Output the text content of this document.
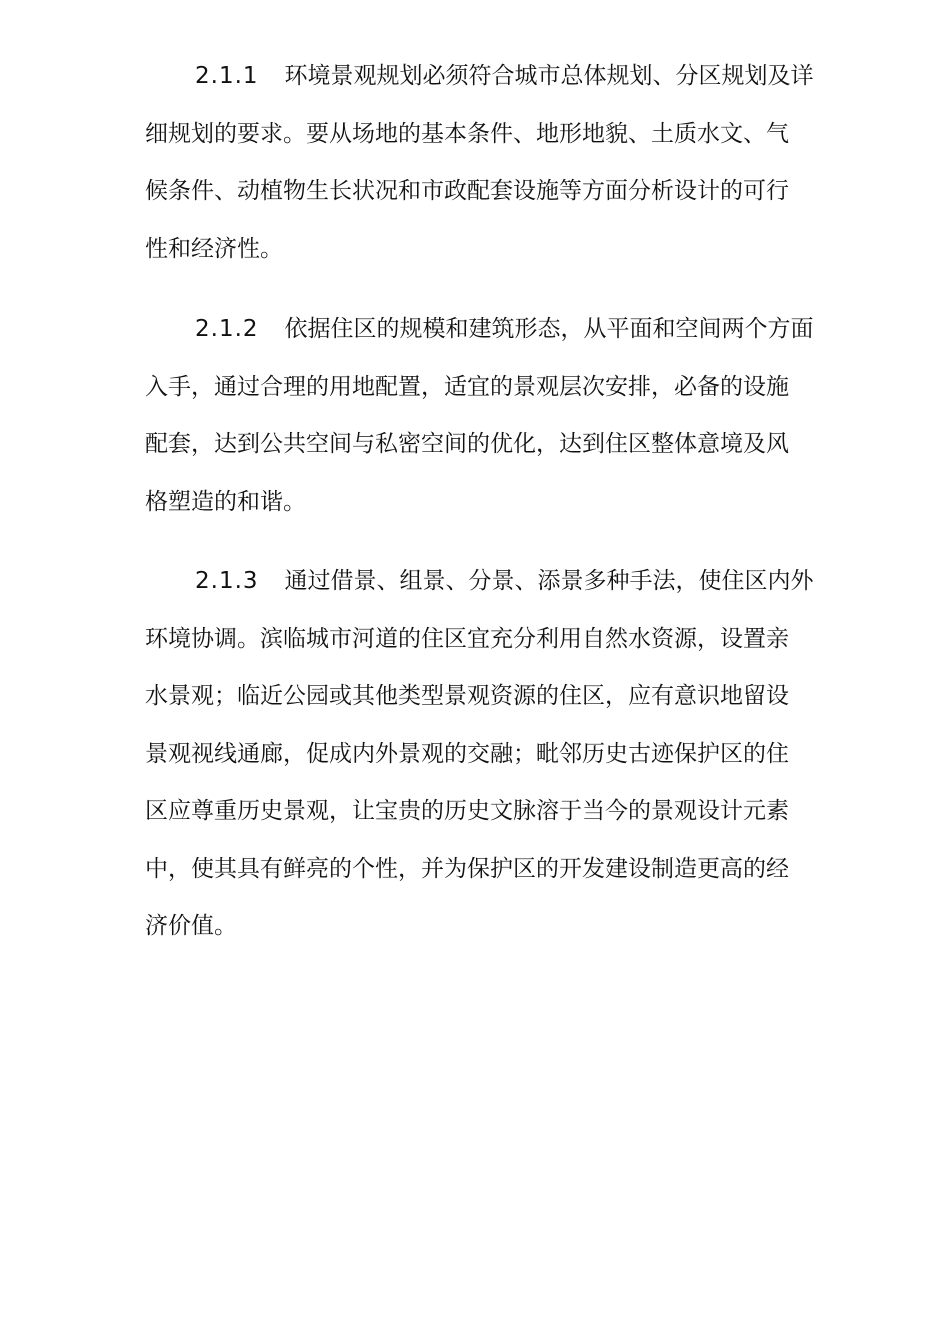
2.1.1 环境景观规划必须符合城市总体规划、分区规划及详
细规划的要求。要从场地的基本条件、地形地貌、土质水文、气
候条件、动植物生长状况和市政配套设施等方面分析设计的可行
性和经济性。

2.1.2 依据住区的规模和建筑形态，从平面和空间两个方面
入手，通过合理的用地配置，适宜的景观层次安排，必备的设施
配套，达到公共空间与私密空间的优化，达到住区整体意境及风
格塑造的和谐。

2.1.3 通过借景、组景、分景、添景多种手法，使住区内外
环境协调。滨临城市河道的住区宜充分利用自然水资源，设置亲
水景观；临近公园或其他类型景观资源的住区，应有意识地留设
景观视线通廊，促成内外景观的交融；毗邻历史古迹保护区的住
区应尊重历史景观，让宝贵的历史文脉溶于当今的景观设计元素
中，使其具有鲜亮的个性，并为保护区的开发建设制造更高的经
济价值。
